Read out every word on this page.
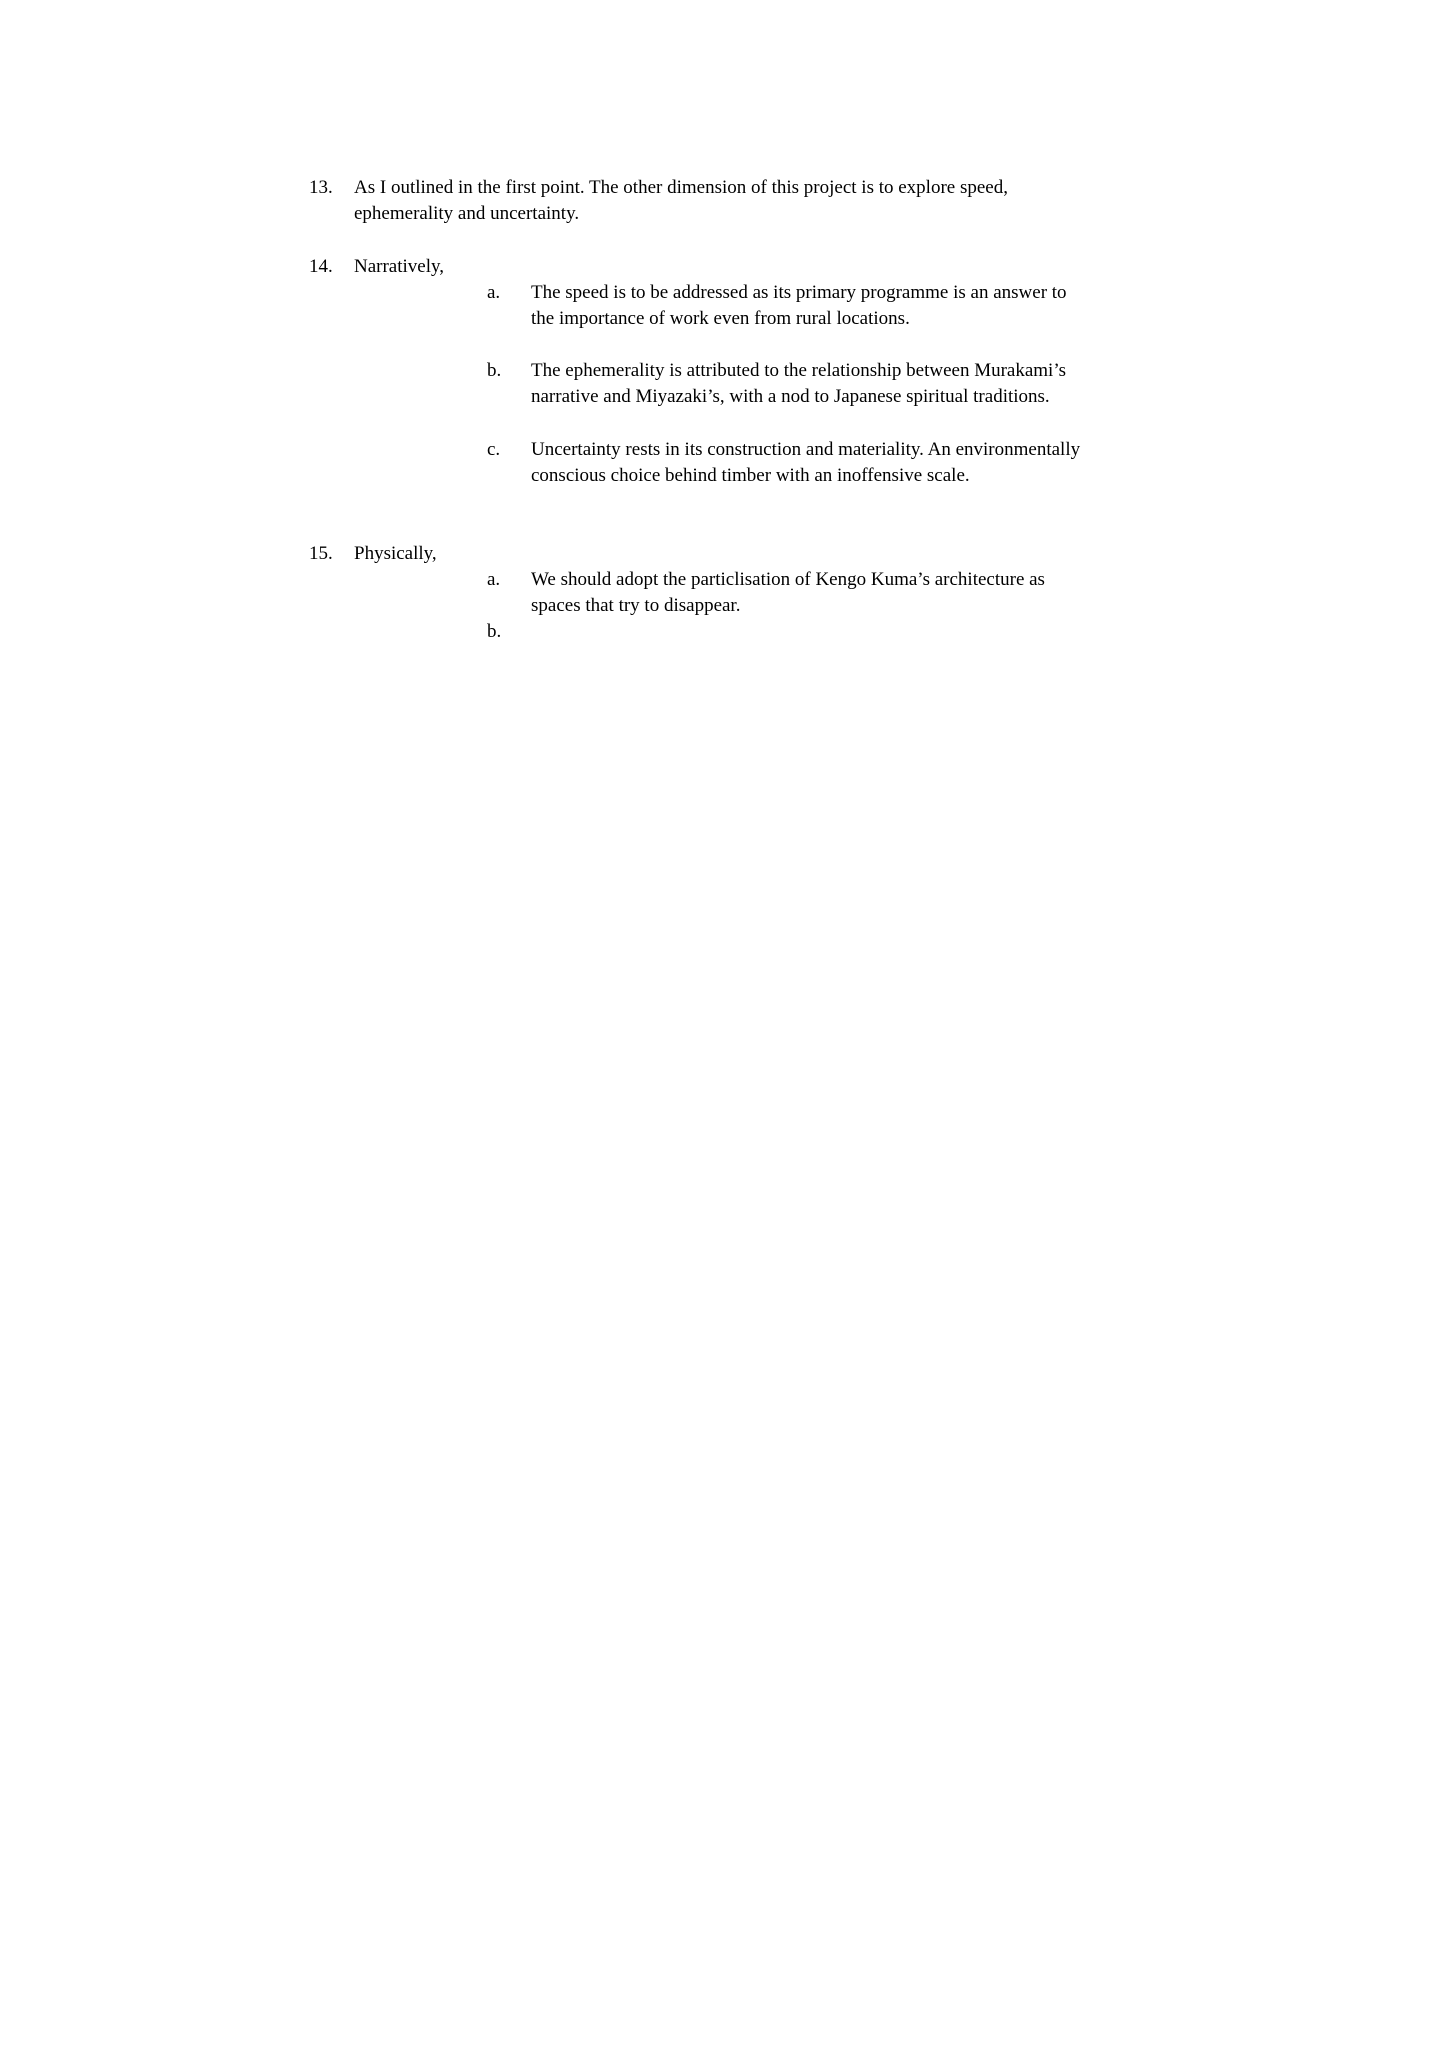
13. As I outlined in the first point. The other dimension of this project is to explore speed,
ephemerality and uncertainty.
14. Narratively,
a. The speed is to be addressed as its primary programme is an answer to
the importance of work even from rural locations.
b. The ephemerality is attributed to the relationship between Murakami’s
narrative and Miyazaki’s, with a nod to Japanese spiritual traditions.
c. Uncertainty rests in its construction and materiality. An environmentally
conscious choice behind timber with an inoffensive scale.
15. Physically,
a. We should adopt the particlisation of Kengo Kuma’s architecture as
spaces that try to disappear.
b.
